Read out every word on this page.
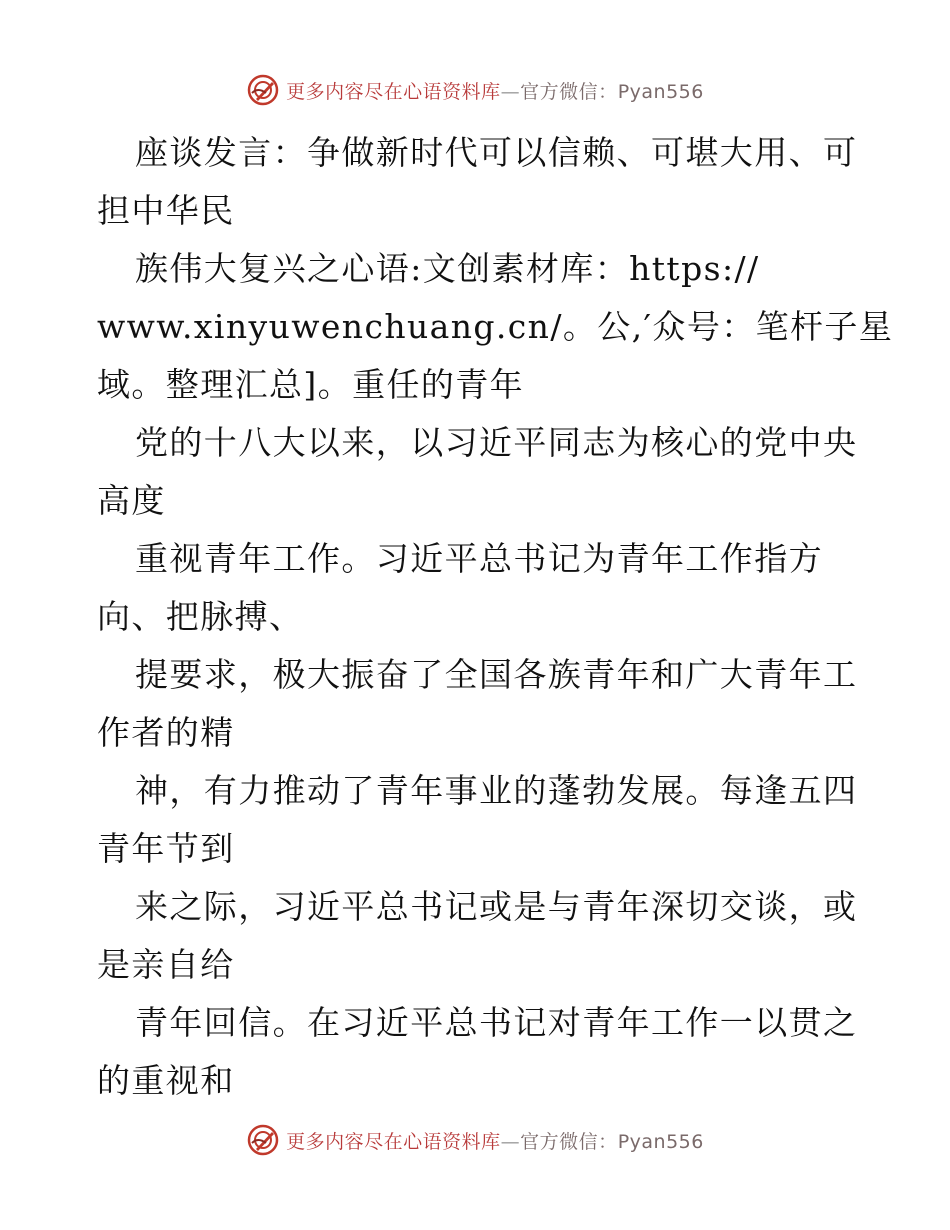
更多内容尽在心语资料库—官方微信：Pyan556
座谈发言：争做新时代可以信赖、可堪大用、可
担中华民
族伟大复兴之心语:文创素材库：https://
www.xinyuwenchuang.cn/。公,′众号：笔杆子星
域。整理汇总]。重任的青年
党的十八大以来，以习近平同志为核心的党中央
高度
重视青年工作。习近平总书记为青年工作指方
向、把脉搏、
提要求，极大振奋了全国各族青年和广大青年工
作者的精
神，有力推动了青年事业的蓬勃发展。每逢五四
青年节到
来之际，习近平总书记或是与青年深切交谈，或
是亲自给
青年回信。在习近平总书记对青年工作一以贯之
的重视和
更多内容尽在心语资料库—官方微信：Pyan556
